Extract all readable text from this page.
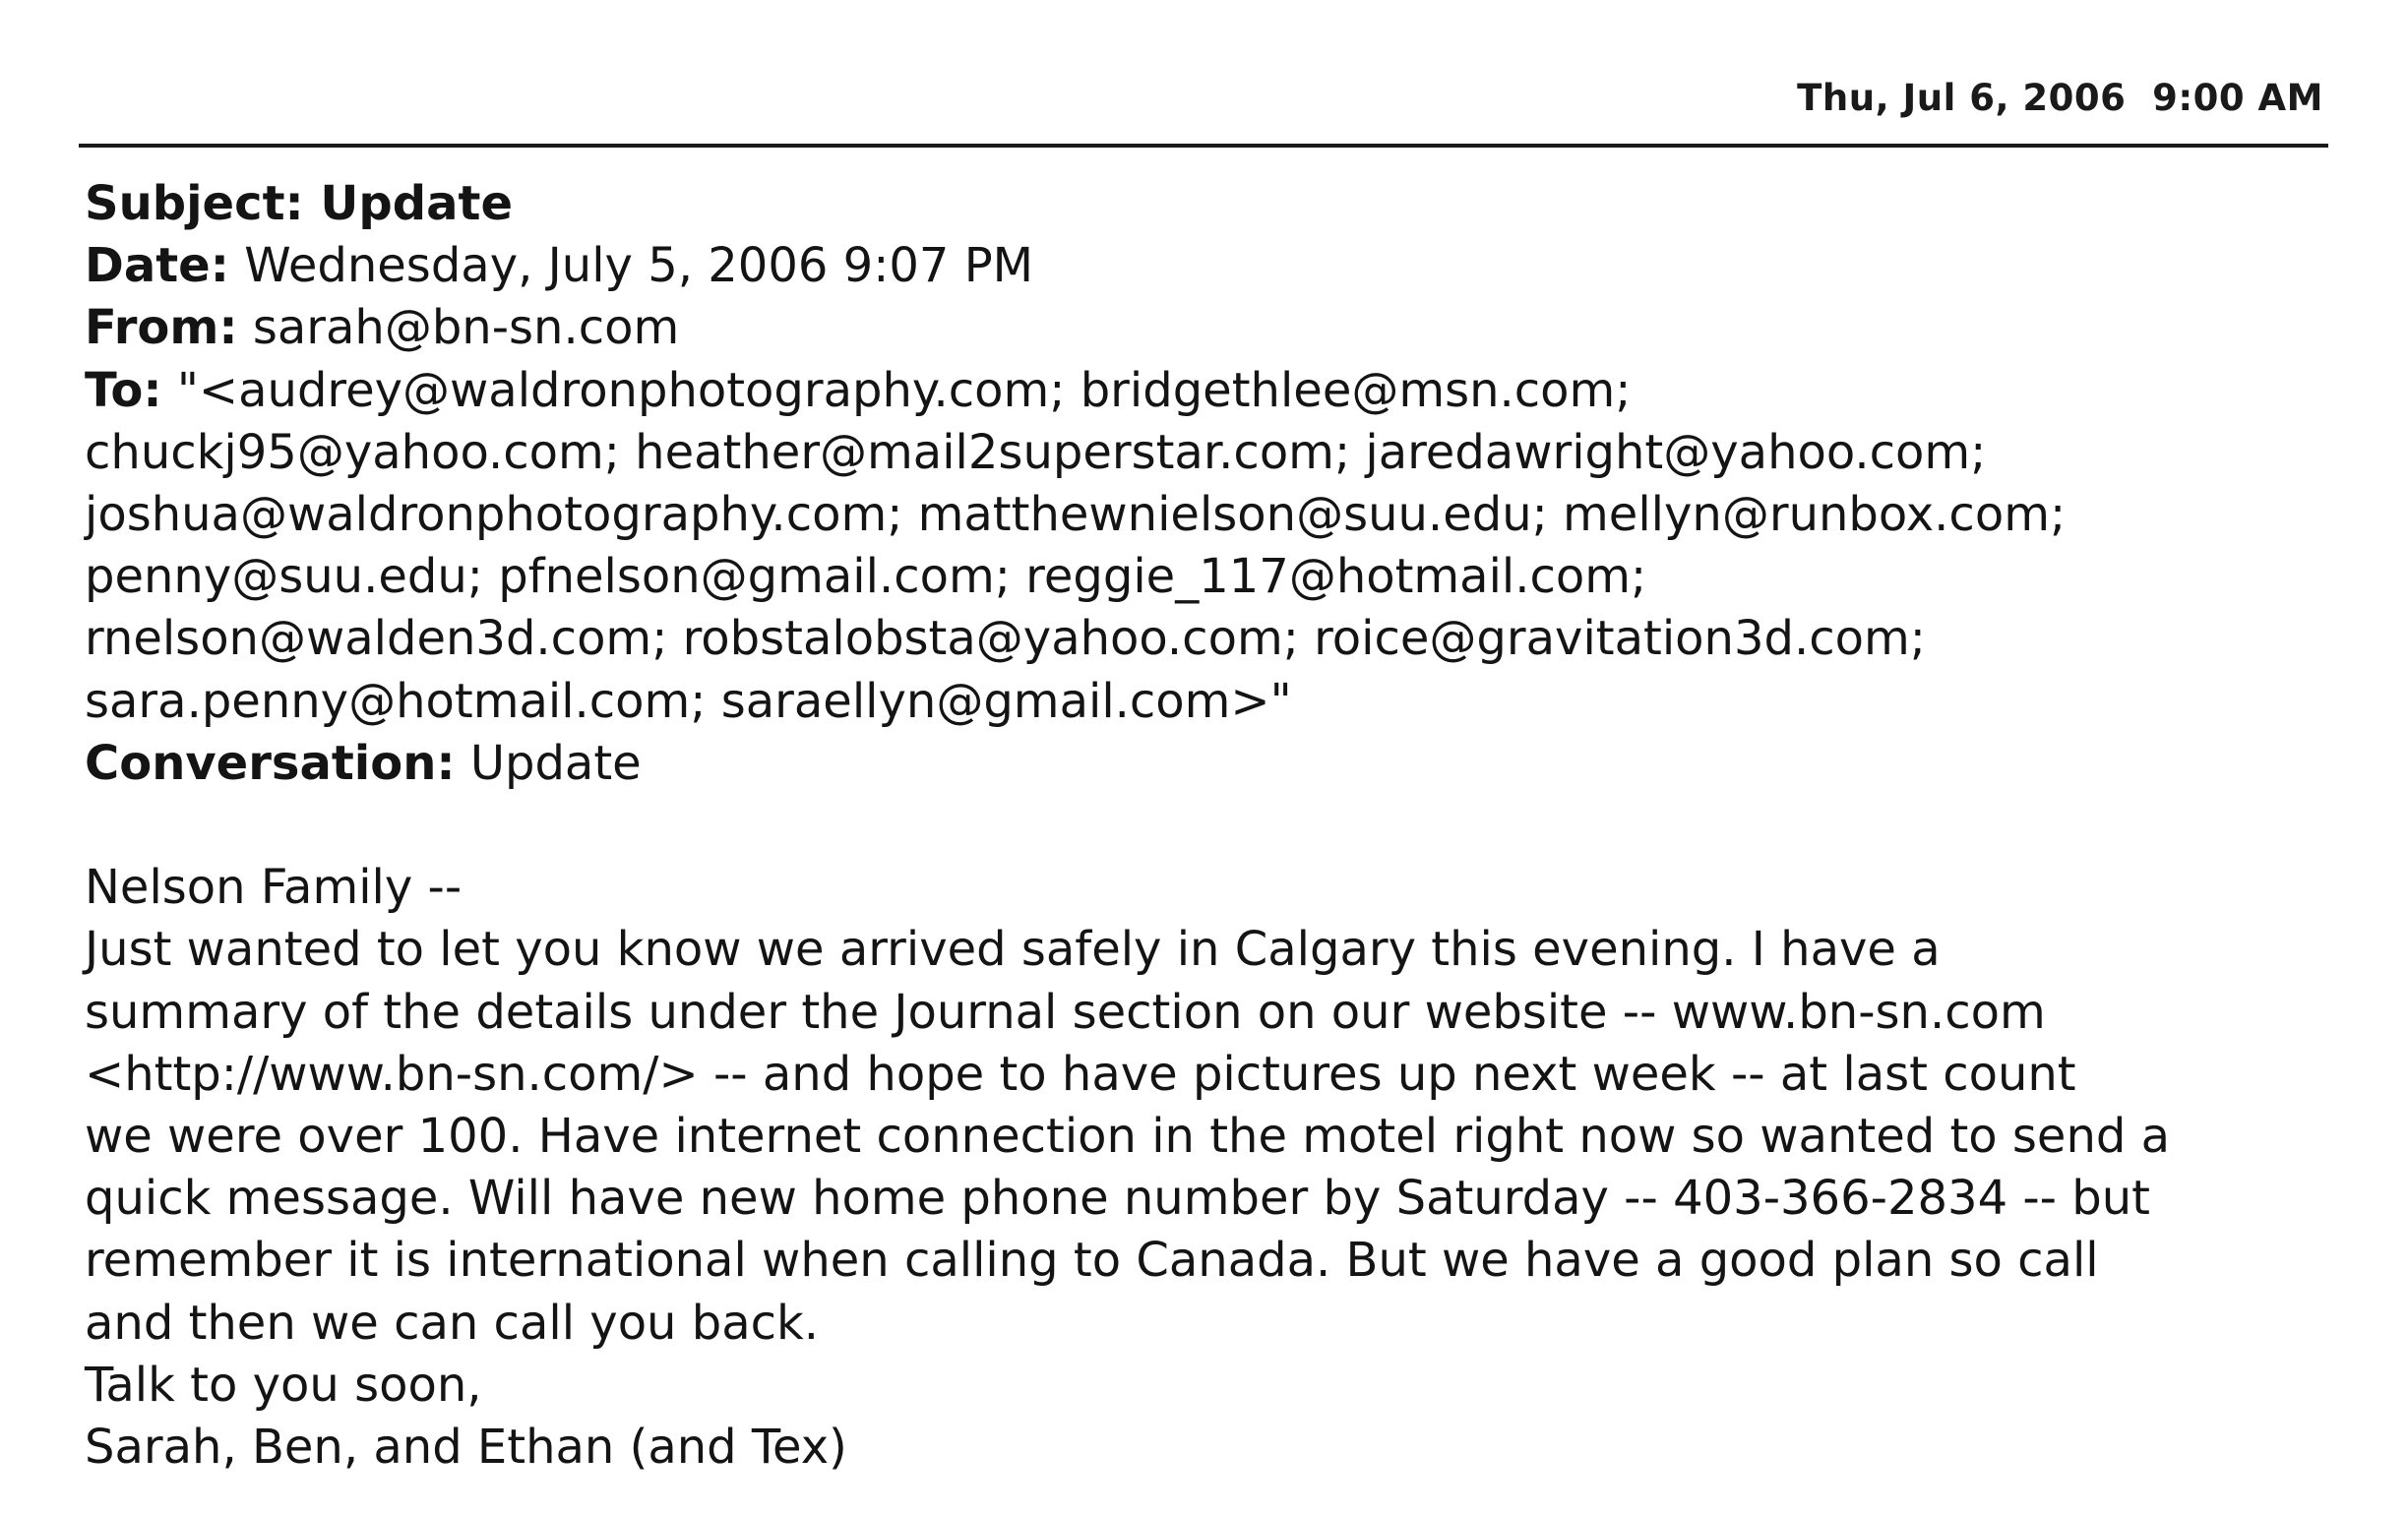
Thu, Jul 6, 2006  9:00 AM
Subject: Update
Date: Wednesday, July 5, 2006 9:07 PM
From: sarah@bn-sn.com
To: "<audrey@waldronphotography.com; bridgethlee@msn.com;
chuckj95@yahoo.com; heather@mail2superstar.com; jaredawright@yahoo.com;
joshua@waldronphotography.com; matthewnielson@suu.edu; mellyn@runbox.com;
penny@suu.edu; pfnelson@gmail.com; reggie_117@hotmail.com;
rnelson@walden3d.com; robstalobsta@yahoo.com; roice@gravitation3d.com;
sara.penny@hotmail.com; saraellyn@gmail.com>"
Conversation: Update
Nelson Family --
Just wanted to let you know we arrived safely in Calgary this evening. I have a
summary of the details under the Journal section on our website -- www.bn-sn.com
<http://www.bn-sn.com/> -- and hope to have pictures up next week -- at last count
we were over 100. Have internet connection in the motel right now so wanted to send a
quick message. Will have new home phone number by Saturday -- 403-366-2834 -- but
remember it is international when calling to Canada. But we have a good plan so call
and then we can call you back.
Talk to you soon,
Sarah, Ben, and Ethan (and Tex)
